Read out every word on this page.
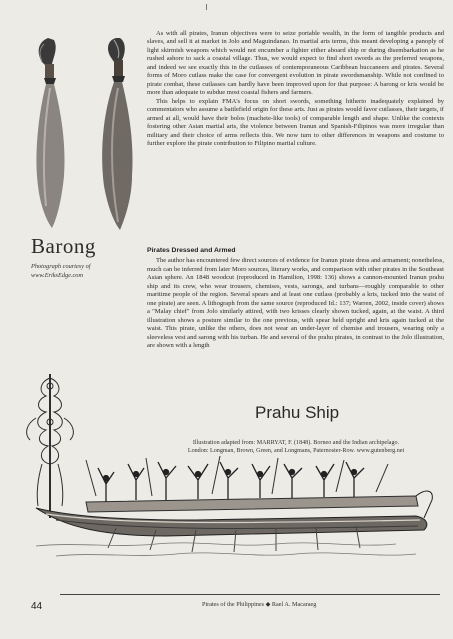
Barong
Photograph courtesy of
www.EriksEdge.com

As with all pirates, Iranun objectives were to seize portable wealth, in the form of tangible products and slaves, and sell it at market in Jolo and Maguindanao. In martial arts terms, this meant developing a panoply of light skirmish weapons which would not encumber a fighter either aboard ship or during disembarkation as he rushed ashore to sack a coastal village. Thus, we would expect to find short swords as the preferred weapons, and indeed we see exactly this in the cutlasses of contemporaneous Caribbean buccaneers and pirates. Several forms of Moro cutlass make the case for convergent evolution in pirate swordsmanship. While not confined to pirate combat, these cutlasses can hardly have been improved upon for that purpose: A barong or kris would be more than adequate to subdue most coastal fishers and farmers.

This helps to explain FMA's focus on short swords, something hitherto inadequately explained by commentators who assume a battlefield origin for these arts. Just as pirates would favor cutlasses, their targets, if armed at all, would have their bolos (machete-like tools) of comparable length and shape. Unlike the contexts fostering other Asian martial arts, the violence between Iranun and Spanish-Filipinos was more irregular than military and their choice of arms reflects this. We now turn to other differences in weapons and costume to further explore the pirate contribution to Filipino martial culture.

Pirates Dressed and Armed

The author has encountered few direct sources of evidence for Iranun pirate dress and armament; nonetheless, much can be inferred from later Moro sources, literary works, and comparison with other pirates in the Southeast Asian sphere. An 1848 woodcut (reproduced in Hamilton, 1998: 136) shows a cannon-mounted Iranun prahu ship and its crew, who wear trousers, chemises, vests, sarongs, and turbans—roughly comparable to other maritime people of the region. Several spears and at least one cutlass (probably a kris, tucked into the waist of one pirate) are seen. A lithograph from the same source (reproduced Id.: 137; Warren, 2002, inside cover) shows a "Malay chief" from Jolo similarly attired, with two krisses clearly shown tucked, again, at the waist. A third illustration shows a posture similar to the one previous, with spear held upright and kris again tucked at the waist. This pirate, unlike the others, does not wear an under-layer of chemise and trousers, wearing only a sleeveless vest and sarong with his turban. He and several of the prahu pirates, in contrast to the Jolo illustration, are shown with a length

Prahu Ship
Illustration adapted from: MARRYAT, F. (1848). Borneo and the Indian archipelago.
London: Longman, Brown, Green, and Longmans, Paternoster-Row. www.gutenberg.net
44	Pirates of the Philippines ◆ Rael A. Macaraeg
